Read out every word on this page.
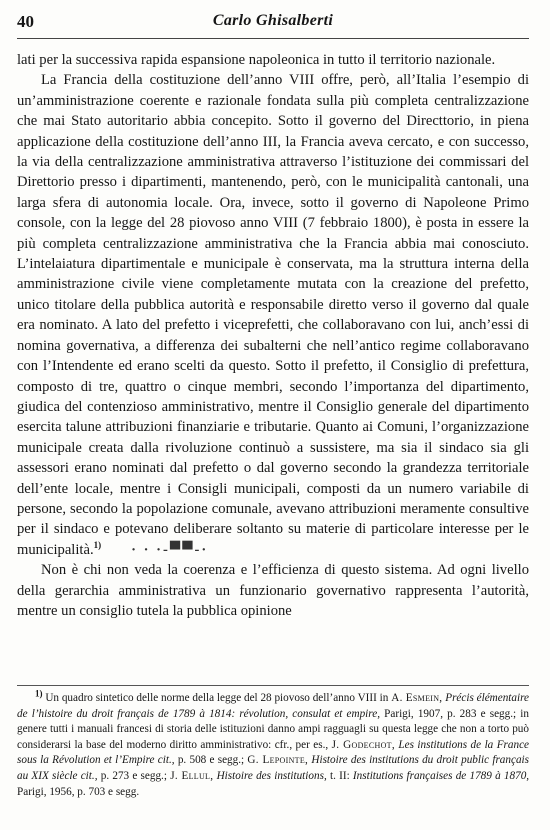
40	Carlo Ghisalberti

lati per la successiva rapida espansione napoleonica in tutto il territorio nazionale.

La Francia della costituzione dell’anno VIII offre, però, all’Italia l’esempio di un’amministrazione coerente e razionale fondata sulla più completa centralizzazione che mai Stato autoritario abbia concepito. Sotto il governo del Directtorio, in piena applicazione della costituzione dell’anno III, la Francia aveva cercato, e con successo, la via della centralizzazione amministrativa attraverso l’istituzione dei commissari del Direttorio presso i dipartimenti, mantenendo, però, con le municipalità cantonali, una larga sfera di autonomia locale. Ora, invece, sotto il governo di Napoleone Primo console, con la legge del 28 piovoso anno VIII (7 febbraio 1800), è posta in essere la più completa centralizzazione amministrativa che la Francia abbia mai conosciuto. L’intelaiatura dipartimentale e municipale è conservata, ma la struttura interna della amministrazione civile viene completamente mutata con la creazione del prefetto, unico titolare della pubblica autorità e responsabile diretto verso il governo dal quale era nominato. A lato del prefetto i viceprefetti, che collaboravano con lui, anch’essi di nomina governativa, a differenza dei subalterni che nell’antico regime collaboravano con l’Intendente ed erano scelti da questo. Sotto il prefetto, il Consiglio di prefettura, composto di tre, quattro o cinque membri, secondo l’importanza del dipartimento, giudica del contenzioso amministrativo, mentre il Consiglio generale del dipartimento esercita talune attribuzioni finanziarie e tributarie. Quanto ai Comuni, l’organizzazione municipale creata dalla rivoluzione continuò a sussistere, ma sia il sindaco sia gli assessori erano nominati dal prefetto o dal governo secondo la grandezza territoriale dell’ente locale, mentre i Consigli municipali, composti da un numero variabile di persone, secondo la popolazione comunale, avevano attribuzioni meramente consultive per il sindaco e potevano deliberare soltanto su materie di particolare interesse per le municipalità.$^{1)}$ · · ·-▀▀-·

Non è chi non veda la coerenza e l’efficienza di questo sistema. Ad ogni livello della gerarchia amministrativa un funzionario governativo rappresenta l’autorità, mentre un consiglio tutela la pubblica opinione

$^{1)}$ Un quadro sintetico delle norme della legge del 28 piovoso dell’anno VIII in A. Esmein, Précis élémentaire de l’histoire du droit français de 1789 à 1814: révolution, consulat et empire, Parigi, 1907, p. 283 e segg.; in genere tutti i manuali francesi di storia delle istituzioni danno ampi ragguagli su questa legge che non a torto può considerarsi la base del moderno diritto amministrativo: cfr., per es., J. Godechot, Les institutions de la France sous la Révolution et l’Empire cit., p. 508 e segg.; G. Lepointe, Histoire des institutions du droit public français au XIX siècle cit., p. 273 e segg.; J. Ellul, Histoire des institutions, t. II: Institutions françaises de 1789 à 1870, Parigi, 1956, p. 703 e segg.
